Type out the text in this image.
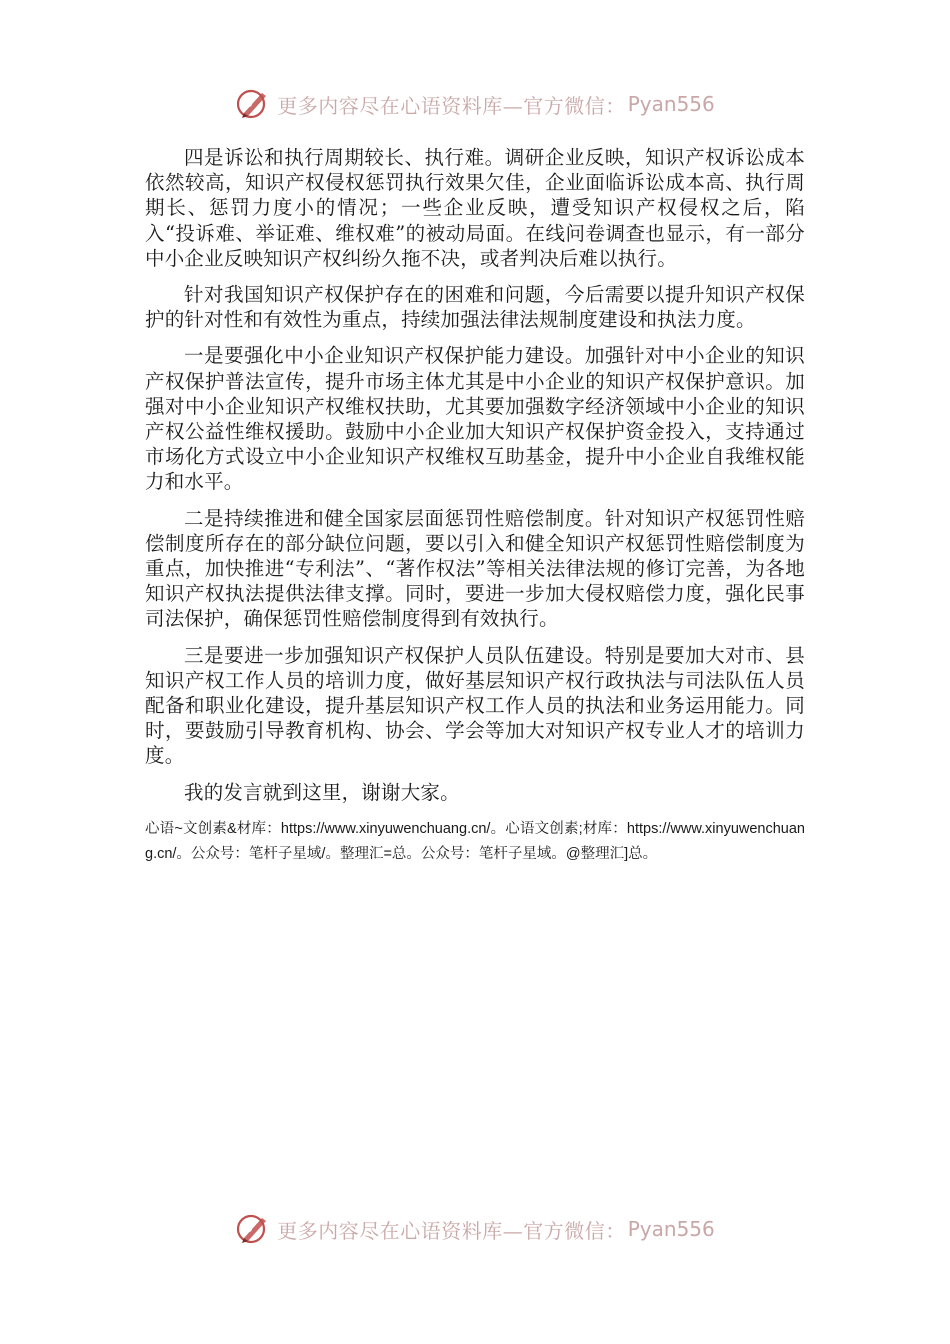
更多内容尽在心语资料库—官方微信： Pyan556

四是诉讼和执行周期较长、执行难。调研企业反映，知识产权诉讼成本依然较高，知识产权侵权惩罚执行效果欠佳，企业面临诉讼成本高、执行周期长、惩罚力度小的情况；一些企业反映，遭受知识产权侵权之后，陷入“投诉难、举证难、维权难”的被动局面。在线问卷调查也显示，有一部分中小企业反映知识产权纠纷久拖不决，或者判决后难以执行。

针对我国知识产权保护存在的困难和问题，今后需要以提升知识产权保护的针对性和有效性为重点，持续加强法律法规制度建设和执法力度。

一是要强化中小企业知识产权保护能力建设。加强针对中小企业的知识产权保护普法宣传，提升市场主体尤其是中小企业的知识产权保护意识。加强对中小企业知识产权维权扶助，尤其要加强数字经济领域中小企业的知识产权公益性维权援助。鼓励中小企业加大知识产权保护资金投入，支持通过市场化方式设立中小企业知识产权维权互助基金，提升中小企业自我维权能力和水平。

二是持续推进和健全国家层面惩罚性赔偿制度。针对知识产权惩罚性赔偿制度所存在的部分缺位问题，要以引入和健全知识产权惩罚性赔偿制度为重点，加快推进“专利法”、“著作权法”等相关法律法规的修订完善，为各地知识产权执法提供法律支撑。同时，要进一步加大侵权赔偿力度，强化民事司法保护，确保惩罚性赔偿制度得到有效执行。

三是要进一步加强知识产权保护人员队伍建设。特别是要加大对市、县知识产权工作人员的培训力度，做好基层知识产权行政执法与司法队伍人员配备和职业化建设，提升基层知识产权工作人员的执法和业务运用能力。同时，要鼓励引导教育机构、协会、学会等加大对知识产权专业人才的培训力度。

我的发言就到这里，谢谢大家。

心语~文创素&材库：https://www.xinyuwenchuang.cn/。心语文创素;材库：https://www.xinyuwenchuang.cn/。公众号：笔杆子星域/。整理汇=总。公众号：笔杆子星域。@整理汇]总。

更多内容尽在心语资料库—官方微信： Pyan556
